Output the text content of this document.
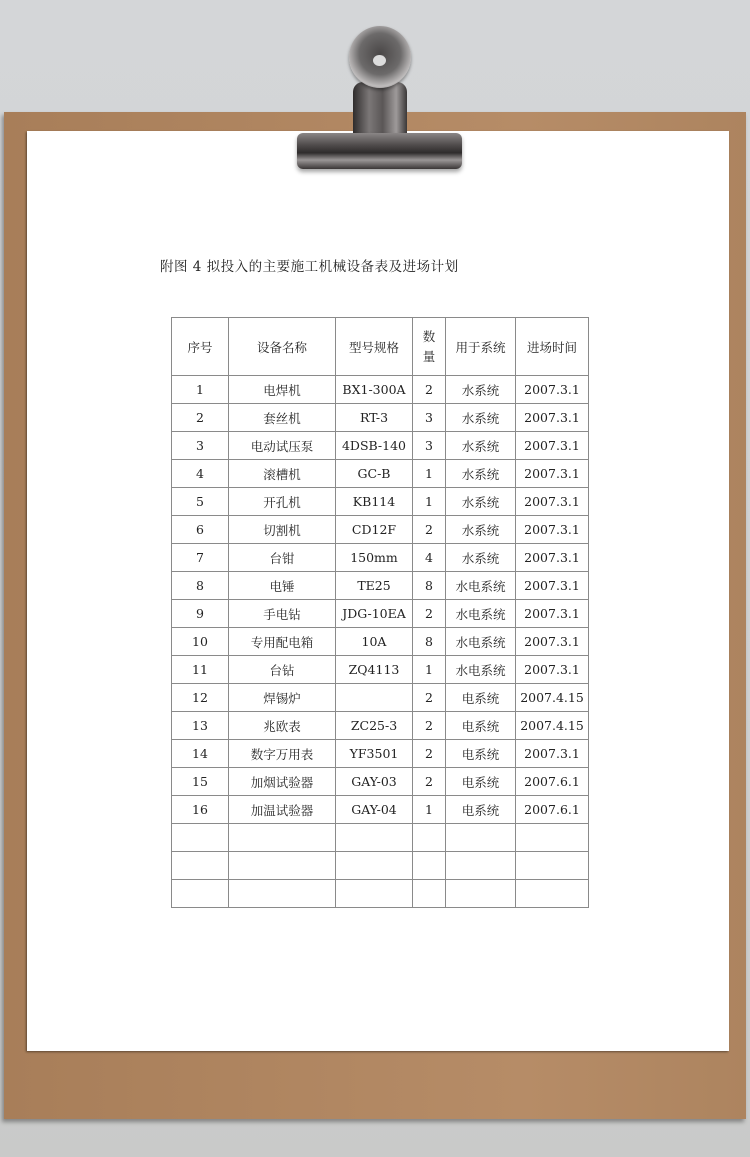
附图 4 拟投入的主要施工机械设备表及进场计划
序号	设备名称	型号规格	数量	用于系统	进场时间
1	电焊机	BX1-300A	2	水系统	2007.3.1
2	套丝机	RT-3	3	水系统	2007.3.1
3	电动试压泵	4DSB-140	3	水系统	2007.3.1
4	滚槽机	GC-B	1	水系统	2007.3.1
5	开孔机	KB114	1	水系统	2007.3.1
6	切割机	CD12F	2	水系统	2007.3.1
7	台钳	150mm	4	水系统	2007.3.1
8	电锤	TE25	8	水电系统	2007.3.1
9	手电钻	JDG-10EA	2	水电系统	2007.3.1
10	专用配电箱	10A	8	水电系统	2007.3.1
11	台钻	ZQ4113	1	水电系统	2007.3.1
12	焊锡炉		2	电系统	2007.4.15
13	兆欧表	ZC25-3	2	电系统	2007.4.15
14	数字万用表	YF3501	2	电系统	2007.3.1
15	加烟试验器	GAY-03	2	电系统	2007.6.1
16	加温试验器	GAY-04	1	电系统	2007.6.1
